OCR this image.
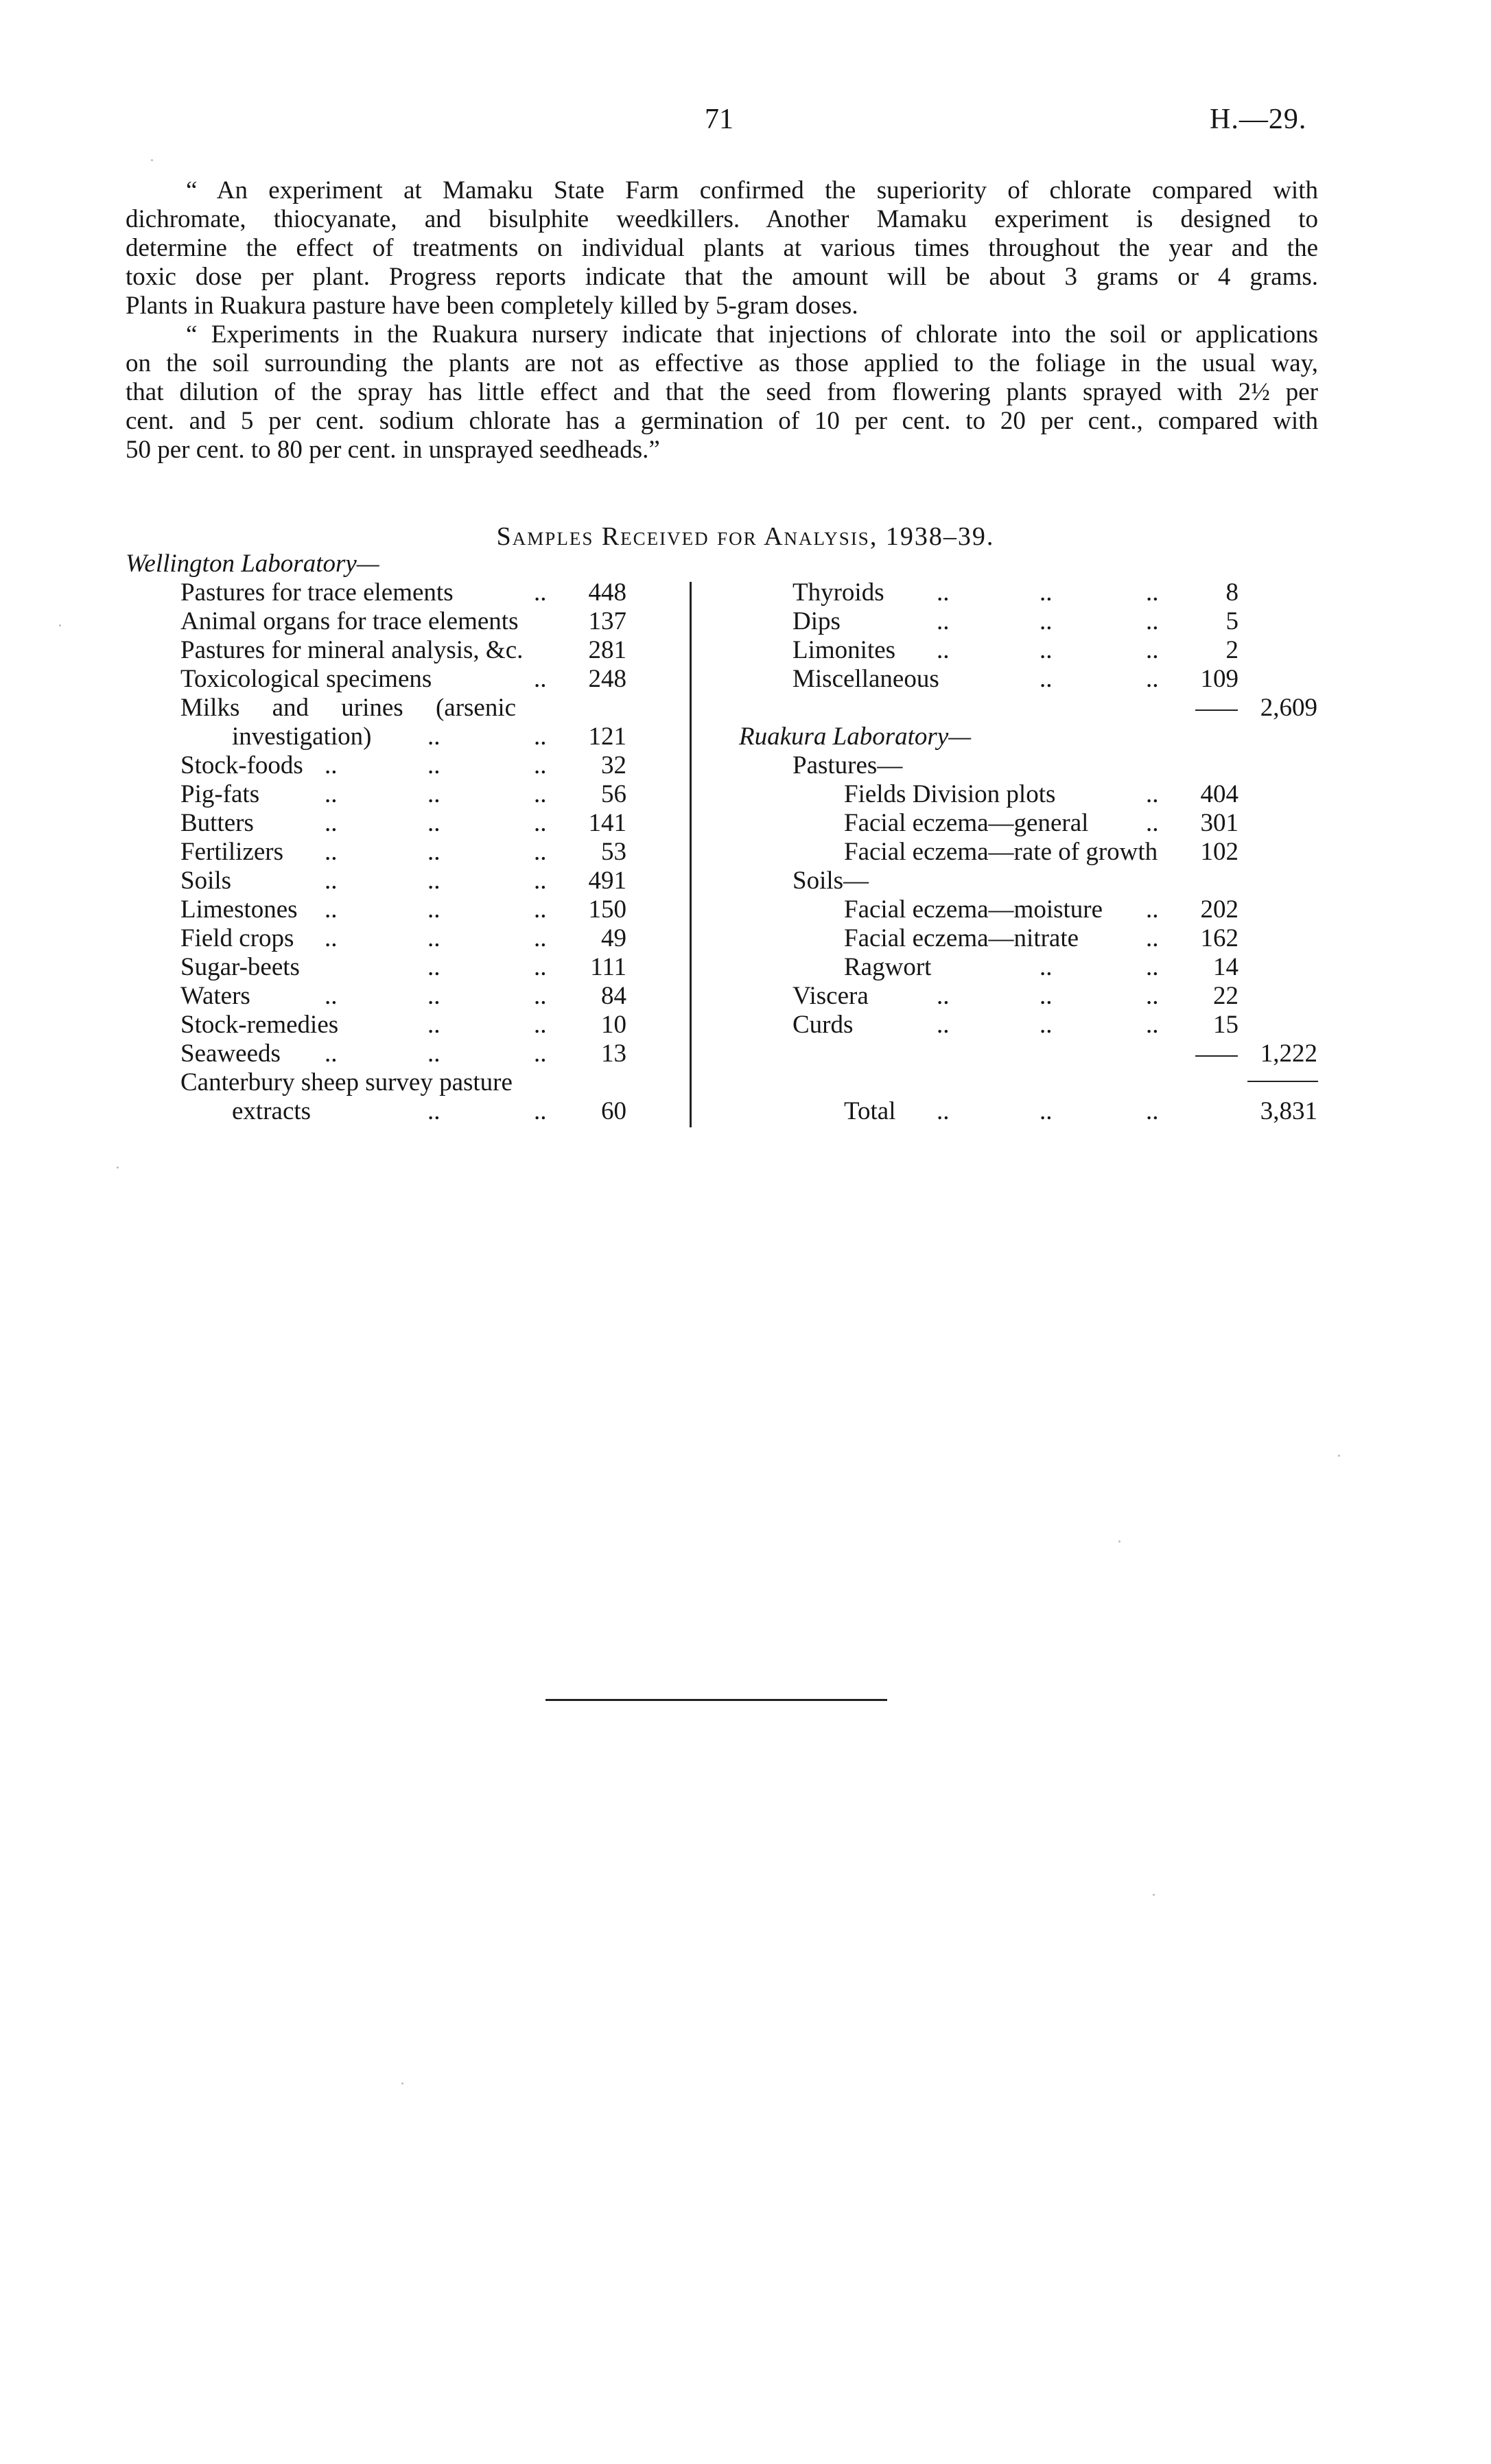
71	H.—29.
“ An experiment at Mamaku State Farm confirmed the superiority of chlorate compared with
dichromate, thiocyanate, and bisulphite weedkillers. Another Mamaku experiment is designed to
determine the effect of treatments on individual plants at various times throughout the year and the
toxic dose per plant. Progress reports indicate that the amount will be about 3 grams or 4 grams.
Plants in Ruakura pasture have been completely killed by 5-gram doses.
“ Experiments in the Ruakura nursery indicate that injections of chlorate into the soil or applications
on the soil surrounding the plants are not as effective as those applied to the foliage in the usual way,
that dilution of the spray has little effect and that the seed from flowering plants sprayed with 2½ per
cent. and 5 per cent. sodium chlorate has a germination of 10 per cent. to 20 per cent., compared with
50 per cent. to 80 per cent. in unsprayed seedheads.”
Samples Received for Analysis, 1938–39.
Wellington Laboratory—
Pastures for trace elements	.. 448
Animal organs for trace elements	137
Pastures for mineral analysis, &c.	281
Toxicological specimens	.. 248
Milks and urines (arsenic
investigation) ..	.. 121
Stock-foods ..	..	.. 32
Pig-fats	..	..	.. 56
Butters	..	..	.. 141
Fertilizers ..	..	.. 53
Soils	..	..	.. 491
Limestones ..	..	.. 150
Field crops ..	..	.. 49
Sugar-beets	..	.. 111
Waters	..	..	.. 84
Stock-remedies	..	.. 10
Seaweeds ..	..	.. 13
Canterbury sheep survey pasture
extracts	..	.. 60
Thyroids ..	..	..	8
Dips	..	..	..	5
Limonites ..	..	..	2
Miscellaneous	..	.. 109
2,609
Ruakura Laboratory—
Pastures—
Fields Division plots	.. 404
Facial eczema—general .. 301
Facial eczema—rate of growth 102
Soils—
Facial eczema—moisture .. 202
Facial eczema—nitrate	.. 162
Ragwort	..	.. 14
Viscera	..	..	.. 22
Curds	..	..	.. 15
1,222
Total ..	..	..	3,831
